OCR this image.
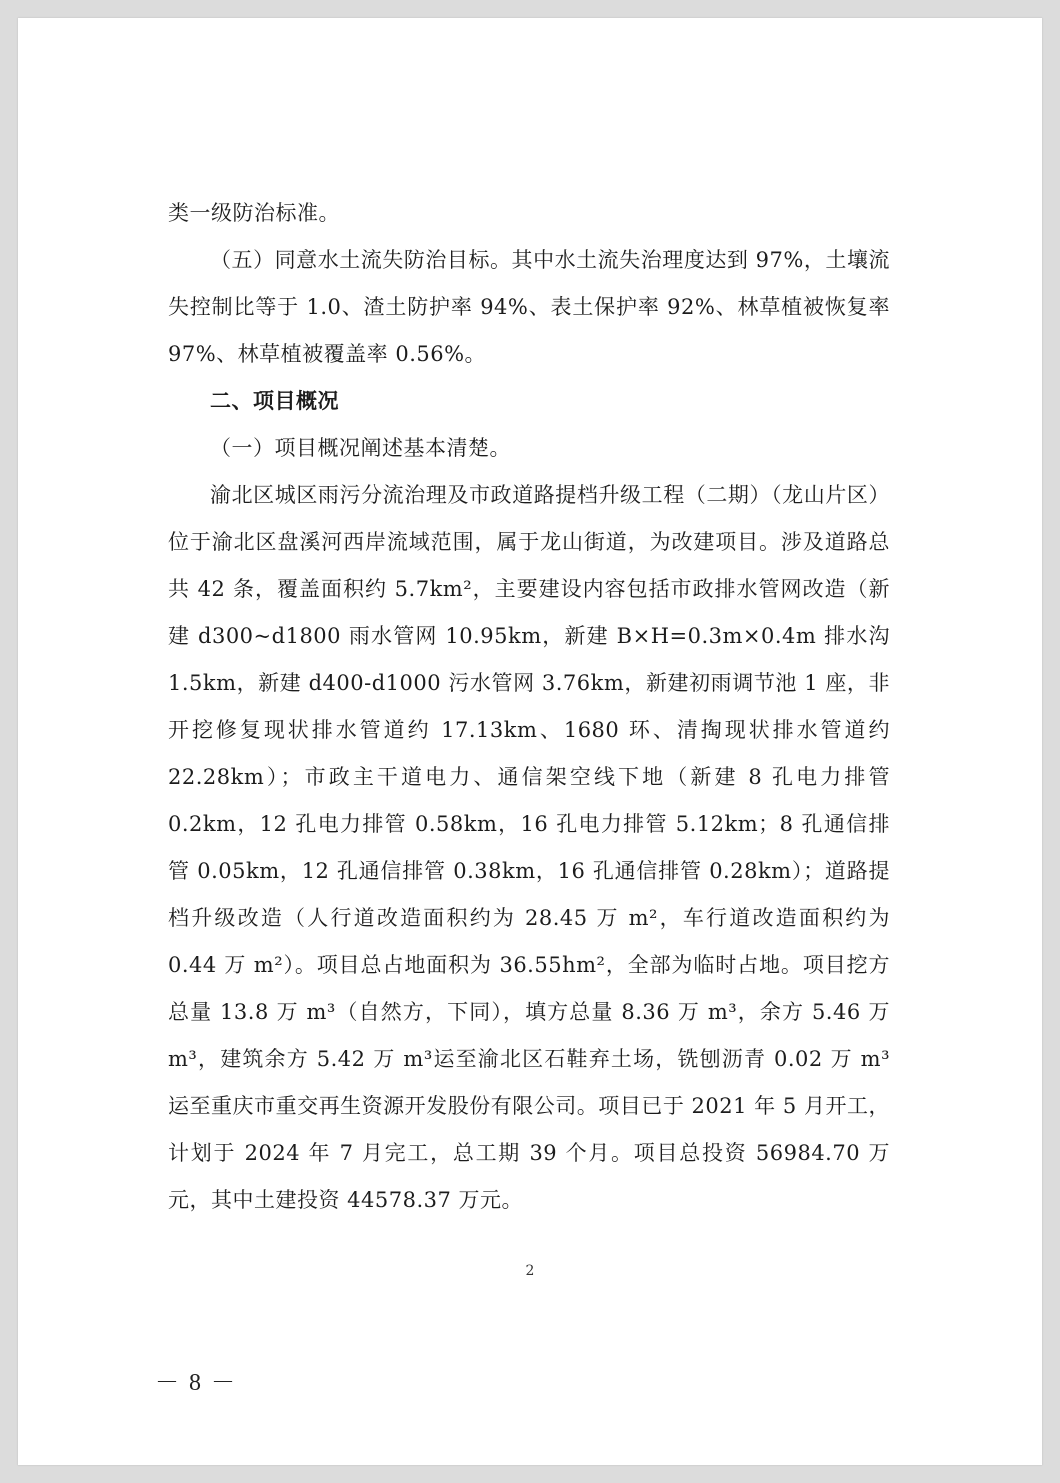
类一级防治标准。

（五）同意水土流失防治目标。其中水土流失治理度达到 97%，土壤流失控制比等于 1.0、渣土防护率 94%、表土保护率 92%、林草植被恢复率 97%、林草植被覆盖率 0.56%。

二、项目概况

（一）项目概况阐述基本清楚。

渝北区城区雨污分流治理及市政道路提档升级工程（二期）（龙山片区）位于渝北区盘溪河西岸流域范围，属于龙山街道，为改建项目。涉及道路总共 42 条，覆盖面积约 5.7km²，主要建设内容包括市政排水管网改造（新建 d300~d1800 雨水管网 10.95km，新建 B×H=0.3m×0.4m 排水沟 1.5km，新建 d400-d1000 污水管网 3.76km，新建初雨调节池 1 座，非开挖修复现状排水管道约 17.13km、1680 环、清掏现状排水管道约 22.28km）；市政主干道电力、通信架空线下地（新建 8 孔电力排管 0.2km，12 孔电力排管 0.58km，16 孔电力排管 5.12km；8 孔通信排管 0.05km，12 孔通信排管 0.38km，16 孔通信排管 0.28km）；道路提档升级改造（人行道改造面积约为 28.45 万 m²，车行道改造面积约为 0.44 万 m²）。项目总占地面积为 36.55hm²，全部为临时占地。项目挖方总量 13.8 万 m³（自然方，下同），填方总量 8.36 万 m³，余方 5.46 万 m³，建筑余方 5.42 万 m³运至渝北区石鞋弃土场，铣刨沥青 0.02 万 m³运至重庆市重交再生资源开发股份有限公司。项目已于 2021 年 5 月开工，计划于 2024 年 7 月完工，总工期 39 个月。项目总投资 56984.70 万元，其中土建投资 44578.37 万元。

2
－ 8 －
